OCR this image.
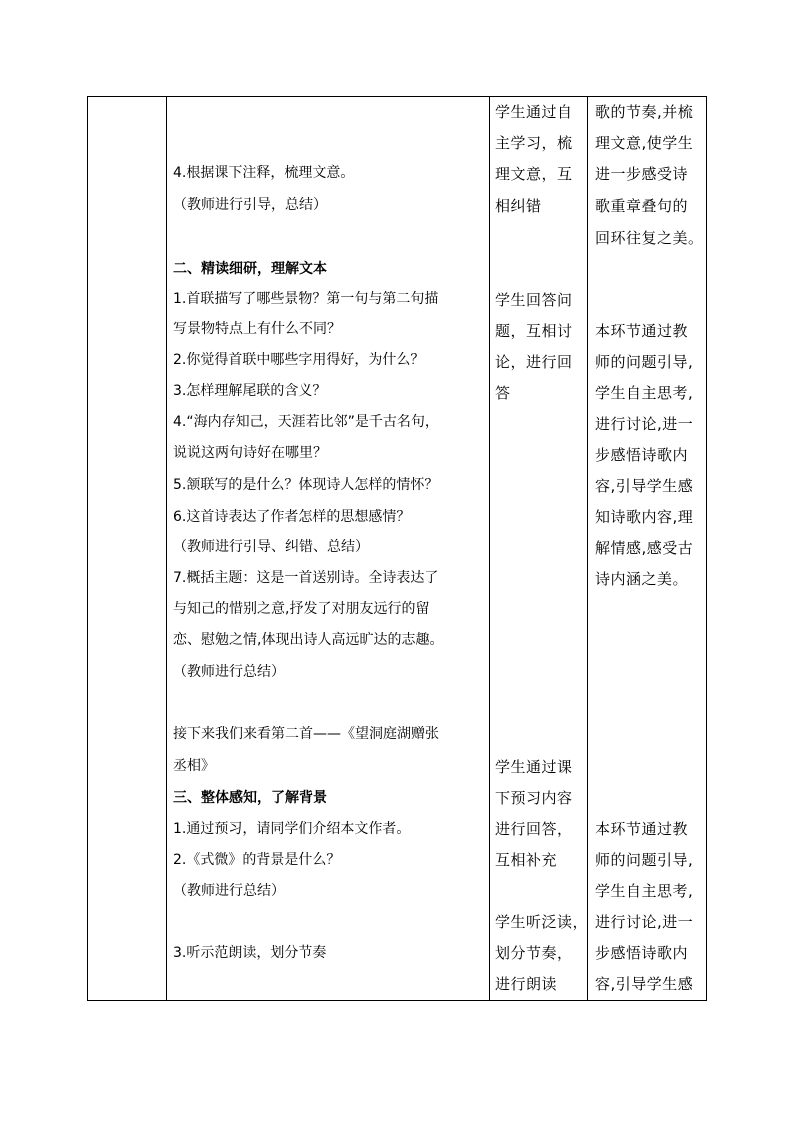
4.根据课下注释，梳理文意。
（教师进行引导，总结）
二、精读细研，理解文本
1.首联描写了哪些景物？第一句与第二句描
写景物特点上有什么不同？
2.你觉得首联中哪些字用得好，为什么？
3.怎样理解尾联的含义？
4.“海内存知己，天涯若比邻”是千古名句，
说说这两句诗好在哪里？
5.颔联写的是什么？体现诗人怎样的情怀？
6.这首诗表达了作者怎样的思想感情？
（教师进行引导、纠错、总结）
7.概括主题：这是一首送别诗。全诗表达了
与知己的惜别之意,抒发了对朋友远行的留
恋、慰勉之情,体现出诗人高远旷达的志趣。
（教师进行总结）
接下来我们来看第二首——《望洞庭湖赠张
丞相》
三、整体感知，了解背景
1.通过预习，请同学们介绍本文作者。
2.《式微》的背景是什么？
（教师进行总结）
3.听示范朗读，划分节奏
学生通过自
主学习，梳
理文意，互
相纠错
学生回答问
题，互相讨
论，进行回
答
学生通过课
下预习内容
进行回答，
互相补充
学生听泛读，
划分节奏，
进行朗读
歌的节奏,并梳
理文意,使学生
进一步感受诗
歌重章叠句的
回环往复之美。
本环节通过教
师的问题引导,
学生自主思考,
进行讨论,进一
步感悟诗歌内
容,引导学生感
知诗歌内容,理
解情感,感受古
诗内涵之美。
本环节通过教
师的问题引导,
学生自主思考,
进行讨论,进一
步感悟诗歌内
容,引导学生感
